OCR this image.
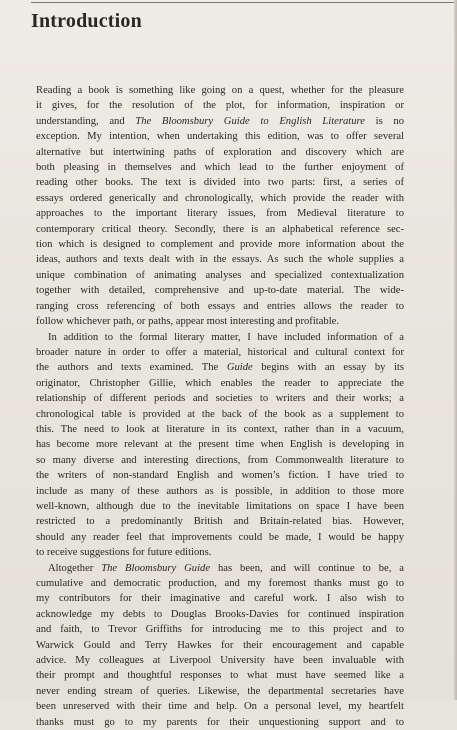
Introduction

Reading a book is something like going on a quest, whether for the pleasure
it gives, for the resolution of the plot, for information, inspiration or
understanding, and The Bloomsbury Guide to English Literature is no
exception. My intention, when undertaking this edition, was to offer several
alternative but intertwining paths of exploration and discovery which are
both pleasing in themselves and which lead to the further enjoyment of
reading other books. The text is divided into two parts: first, a series of
essays ordered generically and chronologically, which provide the reader with
approaches to the important literary issues, from Medieval literature to
contemporary critical theory. Secondly, there is an alphabetical reference sec-
tion which is designed to complement and provide more information about the
ideas, authors and texts dealt with in the essays. As such the whole supplies a
unique combination of animating analyses and specialized contextualization
together with detailed, comprehensive and up-to-date material. The wide-
ranging cross referencing of both essays and entries allows the reader to
follow whichever path, or paths, appear most interesting and profitable.

In addition to the formal literary matter, I have included information of a
broader nature in order to offer a material, historical and cultural context for
the authors and texts examined. The Guide begins with an essay by its
originator, Christopher Gillie, which enables the reader to appreciate the
relationship of different periods and societies to writers and their works; a
chronological table is provided at the back of the book as a supplement to
this. The need to look at literature in its context, rather than in a vacuum,
has become more relevant at the present time when English is developing in
so many diverse and interesting directions, from Commonwealth literature to
the writers of non-standard English and women’s fiction. I have tried to
include as many of these authors as is possible, in addition to those more
well-known, although due to the inevitable limitations on space I have been
restricted to a predominantly British and Britain-related bias. However,
should any reader feel that improvements could be made, I would be happy
to receive suggestions for future editions.

Altogether The Bloomsbury Guide has been, and will continue to be, a
cumulative and democratic production, and my foremost thanks must go to
my contributors for their imaginative and careful work. I also wish to
acknowledge my debts to Douglas Brooks-Davies for continued inspiration
and faith, to Trevor Griffiths for introducing me to this project and to
Warwick Gould and Terry Hawkes for their encouragement and capable
advice. My colleagues at Liverpool University have been invaluable with
their prompt and thoughtful responses to what must have seemed like a
never ending stream of queries. Likewise, the departmental secretaries have
been unreserved with their time and help. On a personal level, my heartfelt
thanks must go to my parents for their unquestioning support and to
